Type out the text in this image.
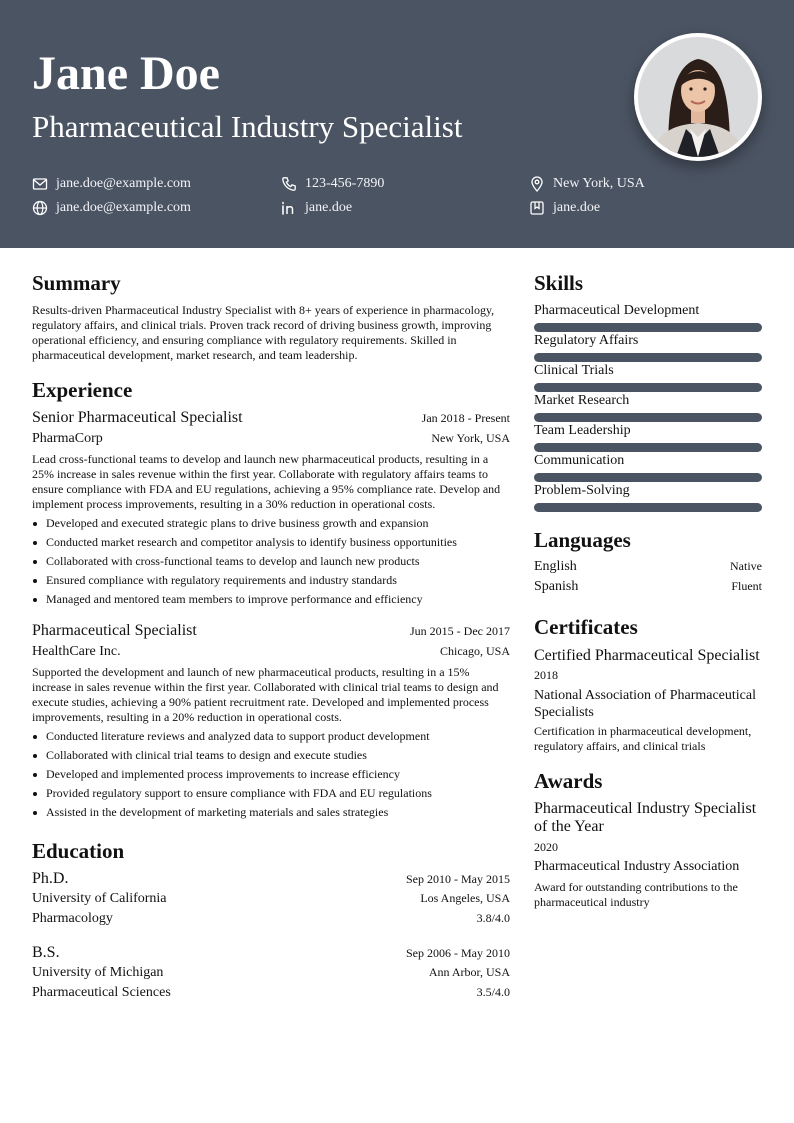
Jane Doe
Pharmaceutical Industry Specialist
jane.doe@example.com	123-456-7890	New York, USA
jane.doe@example.com	jane.doe	jane.doe
Summary
Results-driven Pharmaceutical Industry Specialist with 8+ years of experience in pharmacology, regulatory affairs, and clinical trials. Proven track record of driving business growth, improving operational efficiency, and ensuring compliance with regulatory requirements. Skilled in pharmaceutical development, market research, and team leadership.
Experience
Senior Pharmaceutical Specialist	Jan 2018 - Present
PharmaCorp	New York, USA
Lead cross-functional teams to develop and launch new pharmaceutical products, resulting in a 25% increase in sales revenue within the first year. Collaborate with regulatory affairs teams to ensure compliance with FDA and EU regulations, achieving a 95% compliance rate. Develop and implement process improvements, resulting in a 30% reduction in operational costs.
Developed and executed strategic plans to drive business growth and expansion
Conducted market research and competitor analysis to identify business opportunities
Collaborated with cross-functional teams to develop and launch new products
Ensured compliance with regulatory requirements and industry standards
Managed and mentored team members to improve performance and efficiency
Pharmaceutical Specialist	Jun 2015 - Dec 2017
HealthCare Inc.	Chicago, USA
Supported the development and launch of new pharmaceutical products, resulting in a 15% increase in sales revenue within the first year. Collaborated with clinical trial teams to design and execute studies, achieving a 90% patient recruitment rate. Developed and implemented process improvements, resulting in a 20% reduction in operational costs.
Conducted literature reviews and analyzed data to support product development
Collaborated with clinical trial teams to design and execute studies
Developed and implemented process improvements to increase efficiency
Provided regulatory support to ensure compliance with FDA and EU regulations
Assisted in the development of marketing materials and sales strategies
Education
Ph.D.	Sep 2010 - May 2015
University of California	Los Angeles, USA
Pharmacology	3.8/4.0
B.S.	Sep 2006 - May 2010
University of Michigan	Ann Arbor, USA
Pharmaceutical Sciences	3.5/4.0
Skills
Pharmaceutical Development
Regulatory Affairs
Clinical Trials
Market Research
Team Leadership
Communication
Problem-Solving
Languages
English	Native
Spanish	Fluent
Certificates
Certified Pharmaceutical Specialist
2018
National Association of Pharmaceutical Specialists
Certification in pharmaceutical development, regulatory affairs, and clinical trials
Awards
Pharmaceutical Industry Specialist of the Year
2020
Pharmaceutical Industry Association
Award for outstanding contributions to the pharmaceutical industry
